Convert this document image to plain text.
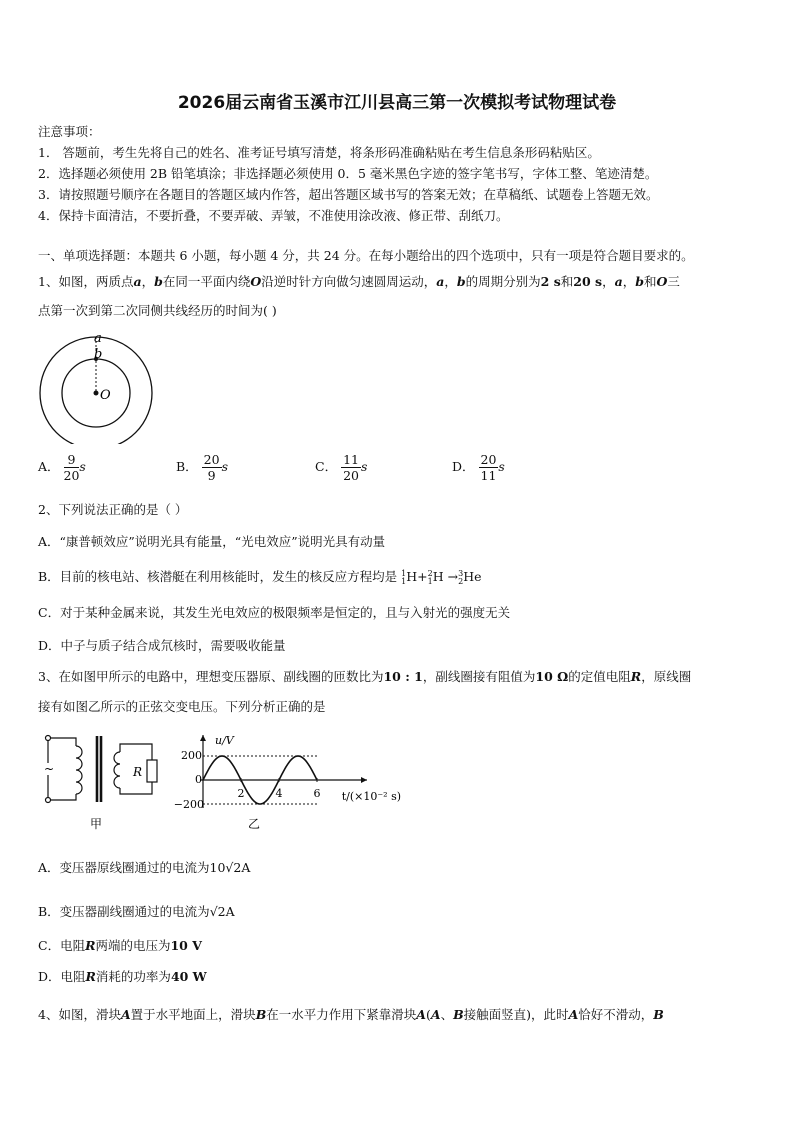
2026届云南省玉溪市江川县高三第一次模拟考试物理试卷
注意事项：
1． 答题前，考生先将自己的姓名、准考证号填写清楚，将条形码准确粘贴在考生信息条形码粘贴区。
2．选择题必须使用 2B 铅笔填涂；非选择题必须使用 0．5 毫米黑色字迹的签字笔书写，字体工整、笔迹清楚。
3．请按照题号顺序在各题目的答题区域内作答，超出答题区域书写的答案无效；在草稿纸、试题卷上答题无效。
4．保持卡面清洁，不要折叠，不要弄破、弄皱，不准使用涂改液、修正带、刮纸刀。
一、单项选择题：本题共 6 小题，每小题 4 分，共 24 分。在每小题给出的四个选项中，只有一项是符合题目要求的。
1、如图，两质点a，b在同一平面内绕O沿逆时针方向做匀速圆周运动，a，b的周期分别为2 s和20 s，a，b和O三
点第一次到第二次同侧共线经历的时间为( )
a
b
O
A． $\frac{9}{20}$ s	B． $\frac{20}{9}$ s	C． $\frac{11}{20}$ s	D． $\frac{20}{11}$ s
2、下列说法正确的是（ ）
A．“康普顿效应”说明光具有能量，“光电效应”说明光具有动量
B．目前的核电站、核潜艇在利用核能时，发生的核反应方程均是 1
1 H+ 2
1 H → 3
2 He
C．对于某种金属来说，其发生光电效应的极限频率是恒定的，且与入射光的强度无关
D．中子与质子结合成氘核时，需要吸收能量
3、在如图甲所示的电路中，理想变压器原、副线圈的匝数比为10 : 1，副线圈接有阻值为10 Ω的定值电阻R，原线圈
接有如图乙所示的正弦交变电压。下列分析正确的是
~	R
甲
t/(×10⁻² s)
u/V
200
0
−200
2	4	6
乙
A．变压器原线圈通过的电流为10√2A
B．变压器副线圈通过的电流为√2A
C．电阻R两端的电压为10 V
D．电阻R消耗的功率为40 W
4、如图，滑块A置于水平地面上，滑块B在一水平力作用下紧靠滑块A(A、B接触面竖直)，此时A恰好不滑动，B
